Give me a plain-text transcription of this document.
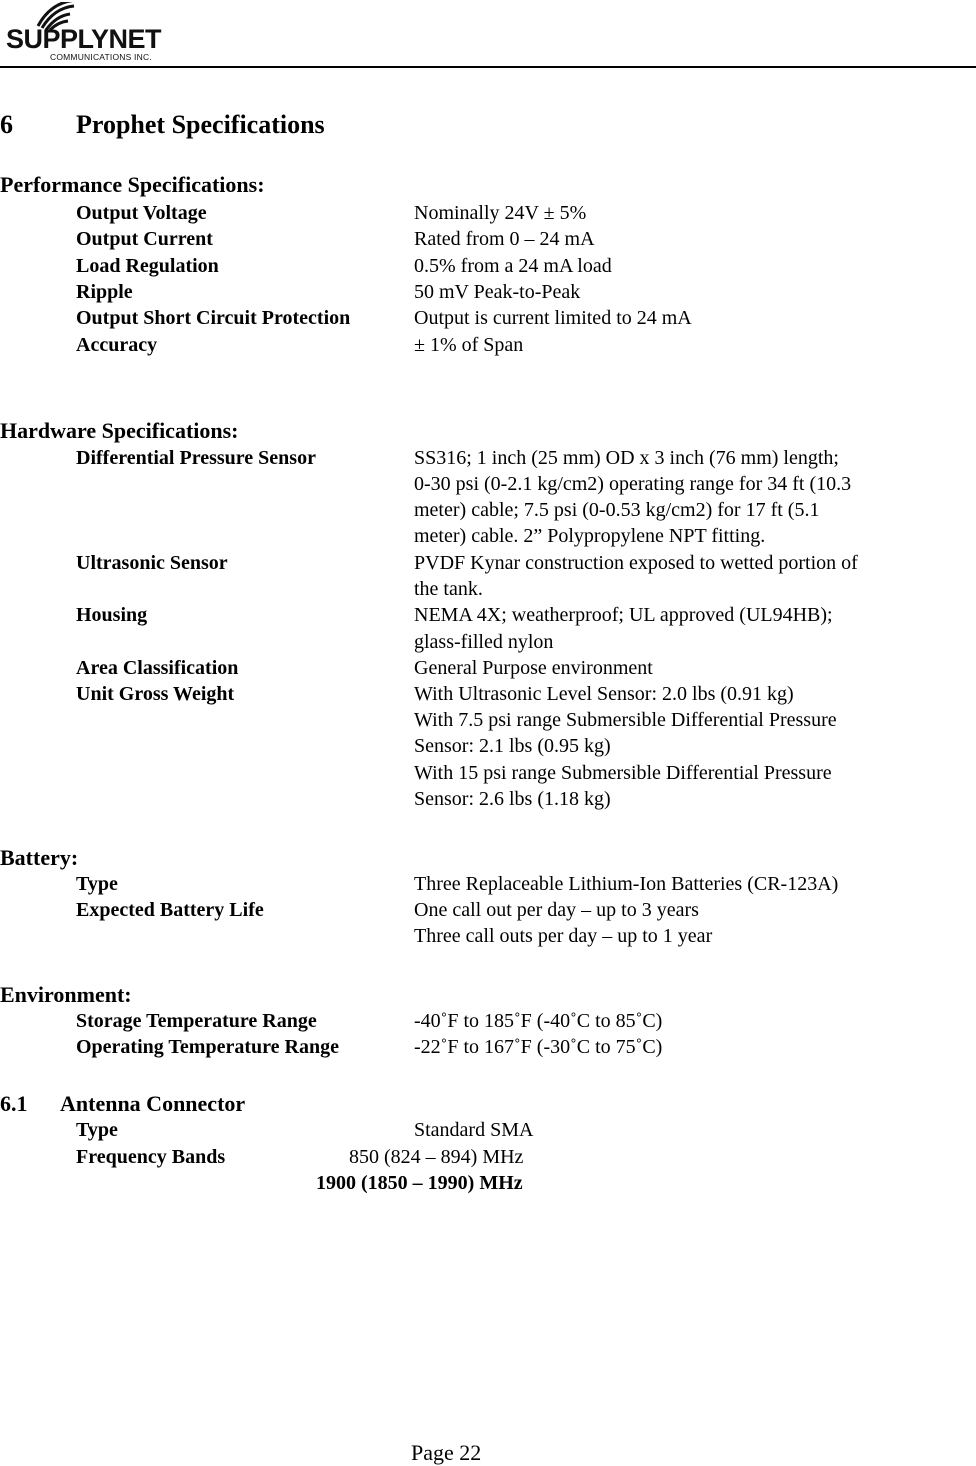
SUPPLYNET
COMMUNICATIONS INC.
6 Prophet Specifications
Performance Specifications:
Output Voltage	Nominally 24V ± 5%
Output Current	Rated from 0 – 24 mA
Load Regulation	0.5% from a 24 mA load
Ripple	50 mV Peak-to-Peak
Output Short Circuit Protection	Output is current limited to 24 mA
Accuracy	± 1% of Span
Hardware Specifications:
Differential Pressure Sensor	SS316; 1 inch (25 mm) OD x 3 inch (76 mm) length;
0-30 psi (0-2.1 kg/cm2) operating range for 34 ft (10.3
meter) cable; 7.5 psi (0-0.53 kg/cm2) for 17 ft (5.1
meter) cable. 2” Polypropylene NPT fitting.
Ultrasonic Sensor	PVDF Kynar construction exposed to wetted portion of
the tank.
Housing	NEMA 4X; weatherproof; UL approved (UL94HB);
glass-filled nylon
Area Classification	General Purpose environment
Unit Gross Weight	With Ultrasonic Level Sensor: 2.0 lbs (0.91 kg)
With 7.5 psi range Submersible Differential Pressure
Sensor: 2.1 lbs (0.95 kg)
With 15 psi range Submersible Differential Pressure
Sensor: 2.6 lbs (1.18 kg)
Battery:
Type	Three Replaceable Lithium-Ion Batteries (CR-123A)
Expected Battery Life	One call out per day – up to 3 years
Three call outs per day – up to 1 year
Environment:
Storage Temperature Range	-40˚F to 185˚F (-40˚C to 85˚C)
Operating Temperature Range	-22˚F to 167˚F (-30˚C to 75˚C)
6.1 Antenna Connector
Type	Standard SMA
Frequency Bands	850 (824 – 894) MHz
1900 (1850 – 1990) MHz
Page 22
